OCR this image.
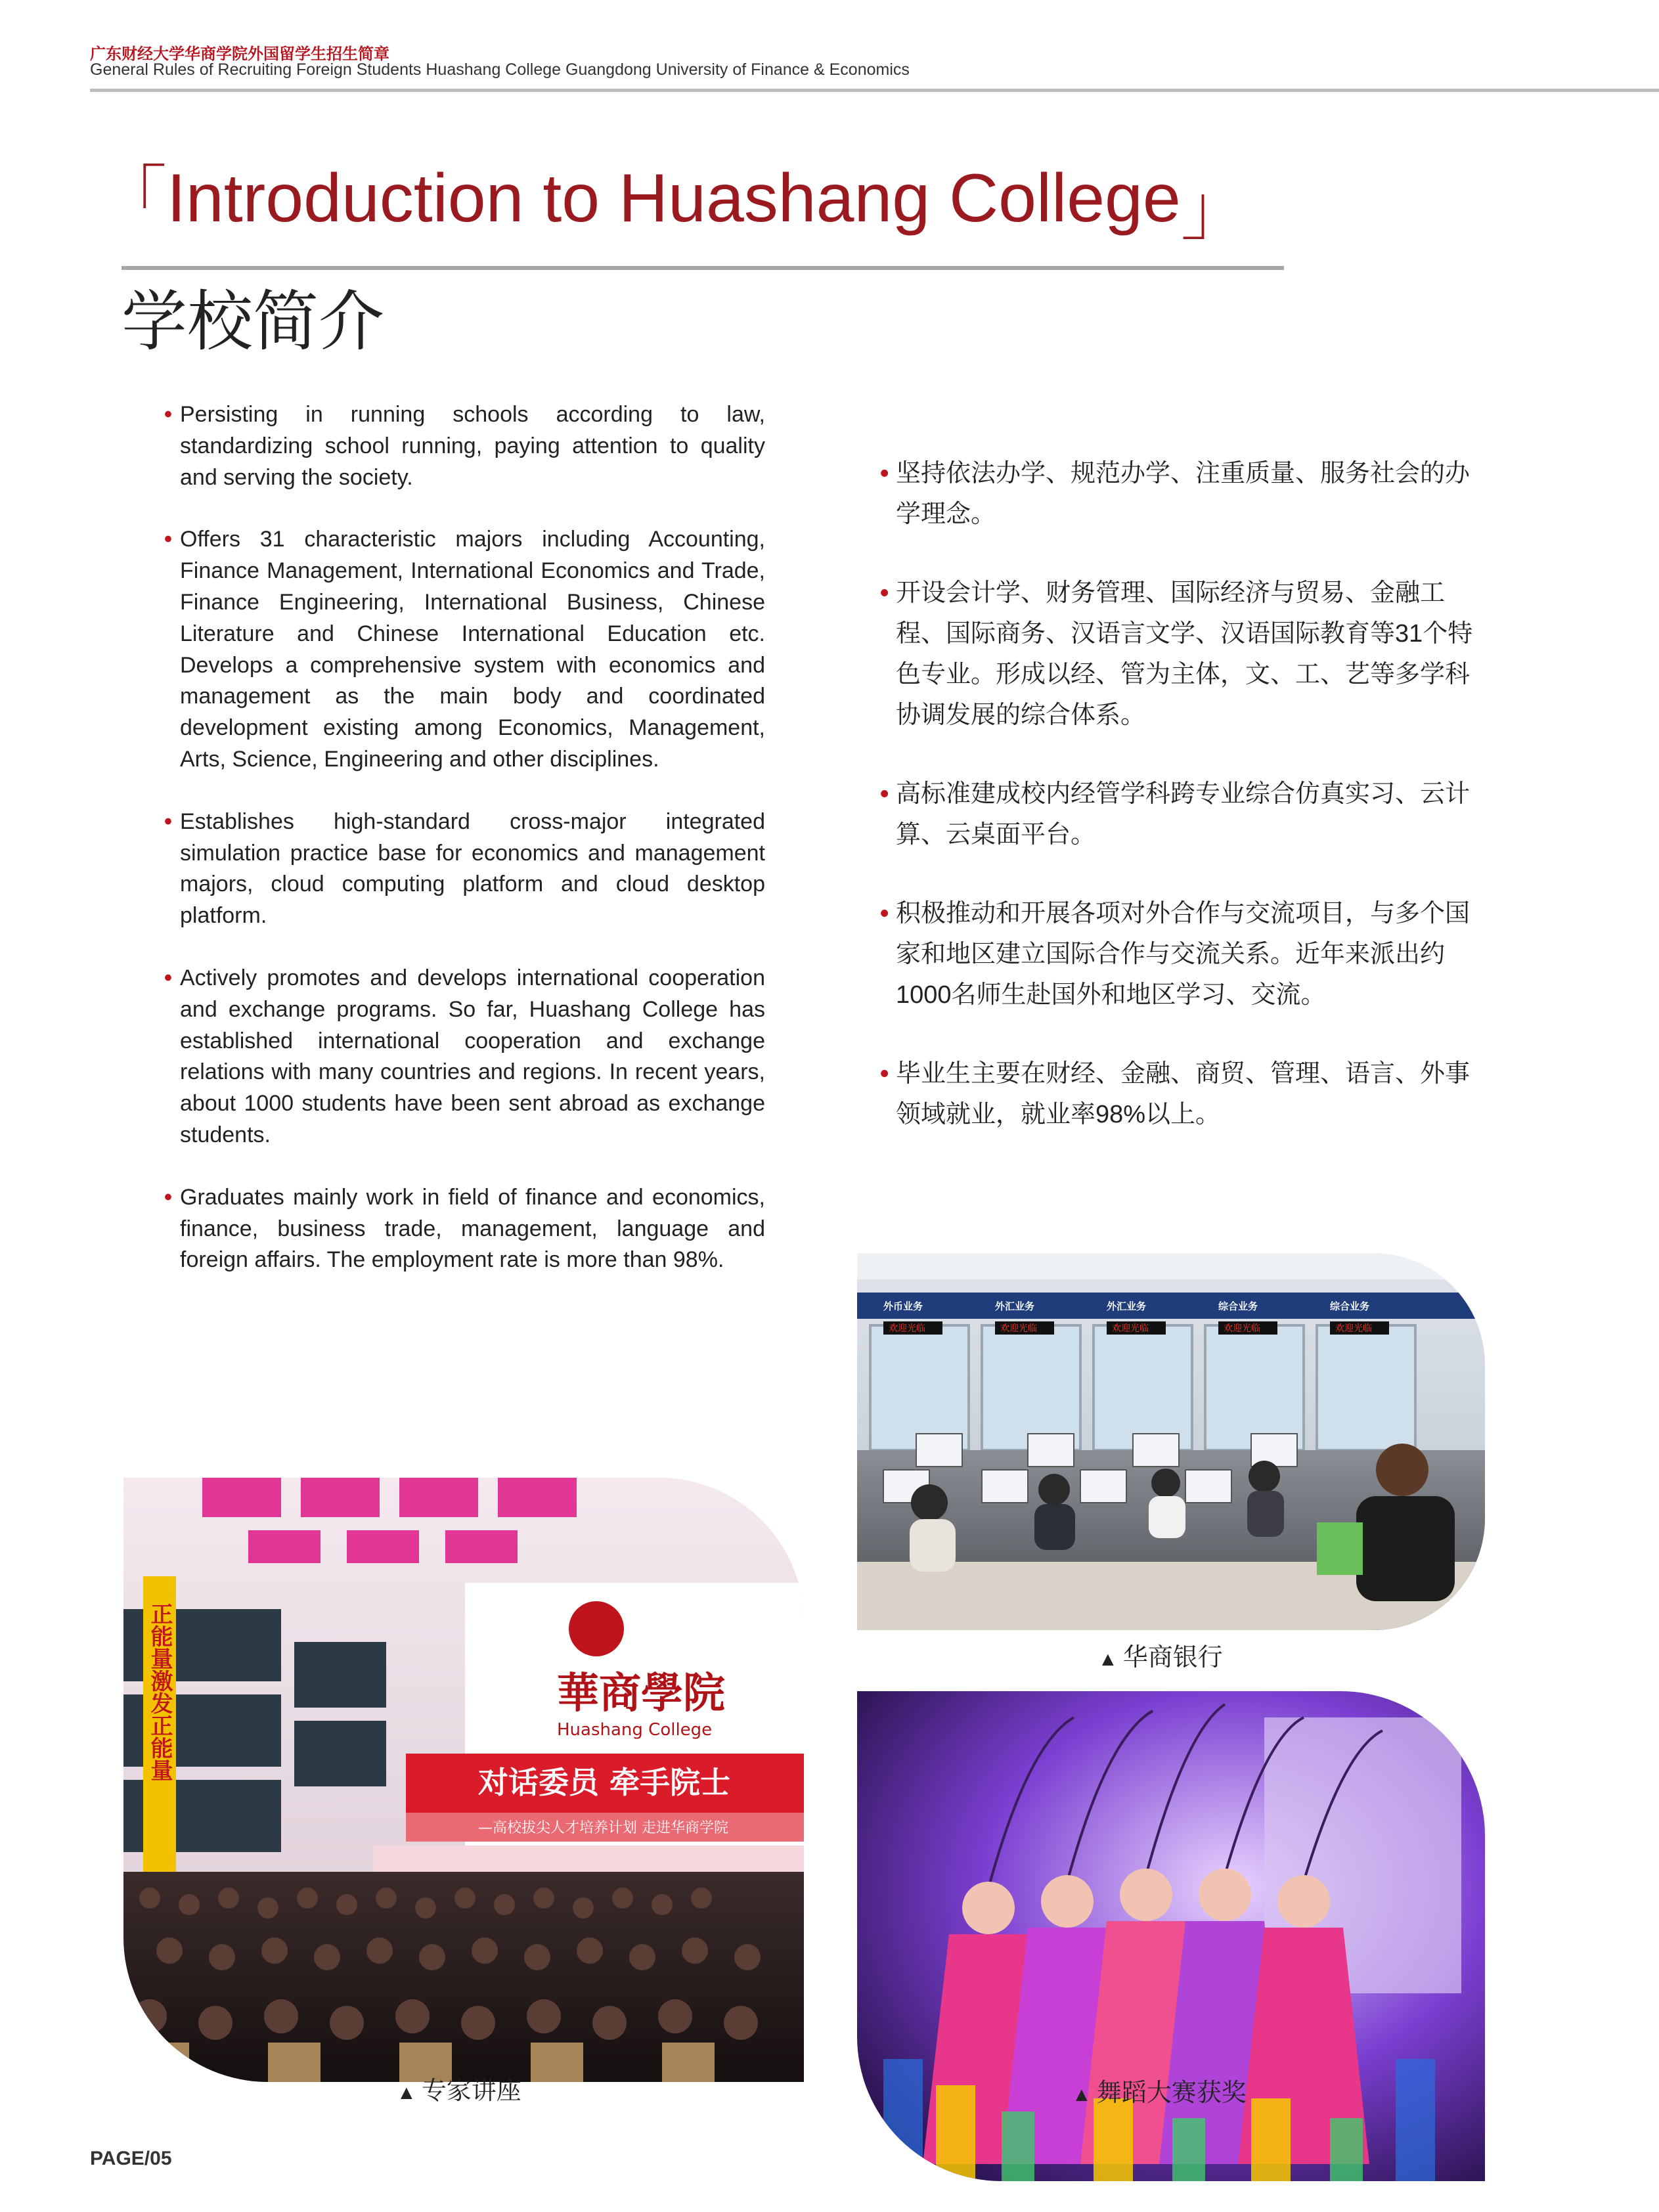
广东财经大学华商学院外国留学生招生简章
General Rules of Recruiting Foreign Students Huashang College Guangdong University of Finance & Economics
「Introduction to Huashang College」
学校简介
• Persisting in running schools according to law, standardizing school running, paying attention to quality and serving the society.
• Offers 31 characteristic majors including Accounting, Finance Management, International Economics and Trade, Finance Engineering, International Business, Chinese Literature and Chinese International Education etc. Develops a comprehensive system with economics and management as the main body and coordinated development existing among Economics, Management, Arts, Science, Engineering and other disciplines.
• Establishes high-standard cross-major integrated simulation practice base for economics and management majors, cloud computing platform and cloud desktop platform.
• Actively promotes and develops international cooperation and exchange programs. So far, Huashang College has established international cooperation and exchange relations with many countries and regions. In recent years, about 1000 students have been sent abroad as exchange students.
• Graduates mainly work in field of finance and economics, finance, business trade, management, language and foreign affairs. The employment rate is more than 98%.
• 坚持依法办学、规范办学、注重质量、服务社会的办学理念。
• 开设会计学、财务管理、国际经济与贸易、金融工程、国际商务、汉语言文学、汉语国际教育等31个特色专业。形成以经、管为主体，文、工、艺等多学科协调发展的综合体系。
• 高标准建成校内经管学科跨专业综合仿真实习、云计算、云桌面平台。
• 积极推动和开展各项对外合作与交流项目，与多个国家和地区建立国际合作与交流关系。近年来派出约1000名师生赴国外和地区学习、交流。
• 毕业生主要在财经、金融、商贸、管理、语言、外事领域就业，就业率98%以上。
外币业务	外汇业务	外汇业务	综合业务	综合业务
欢迎光临	欢迎光临	欢迎光临	欢迎光临	欢迎光临
▲ 华商银行
正能量激发正能量	華商學院
Huashang College
对话委员 牵手院士
—高校拔尖人才培养计划 走进华商学院
▲ 专家讲座	▲ 舞蹈大赛获奖
PAGE/05
